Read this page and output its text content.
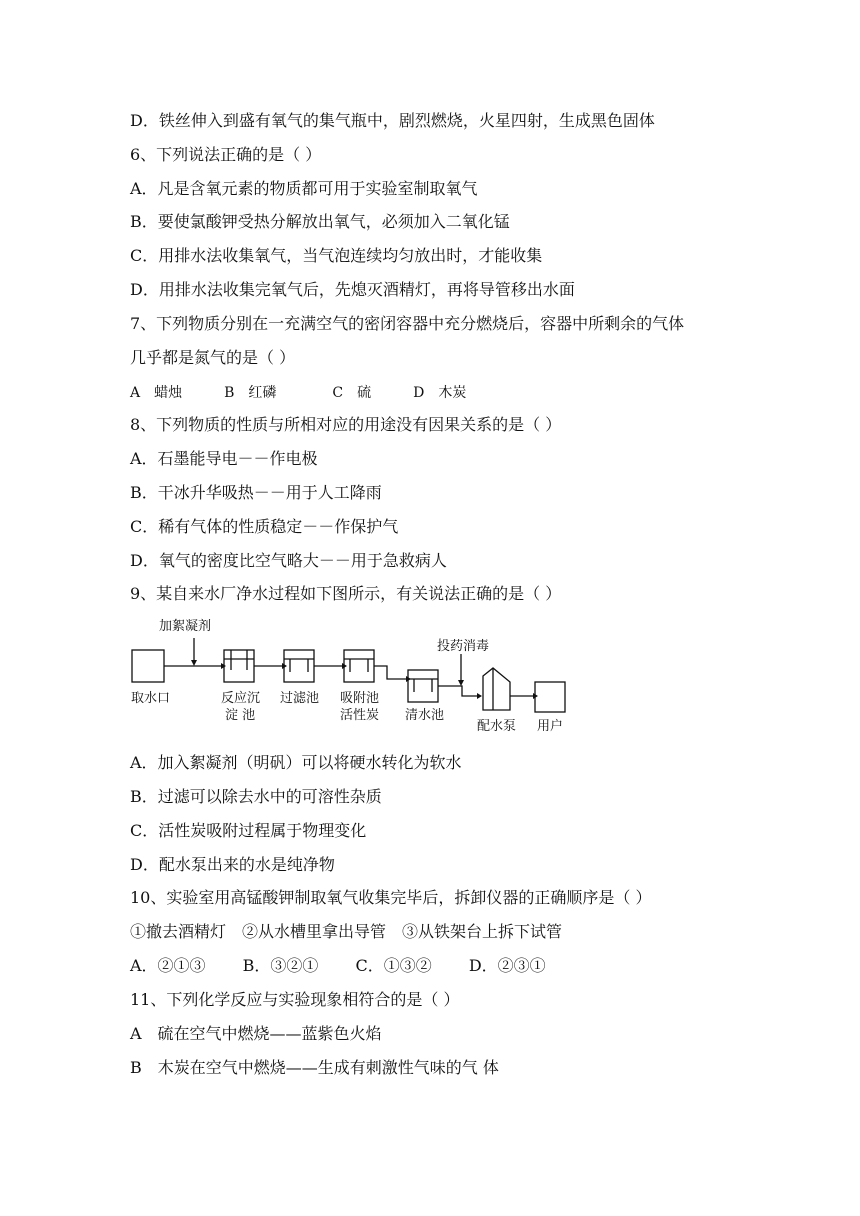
D．铁丝伸入到盛有氧气的集气瓶中，剧烈燃烧，火星四射，生成黑色固体
6、下列说法正确的是（ ）
A．凡是含氧元素的物质都可用于实验室制取氧气
B．要使氯酸钾受热分解放出氧气，必须加入二氧化锰
C．用排水法收集氧气，当气泡连续均匀放出时，才能收集
D．用排水法收集完氧气后，先熄灭酒精灯，再将导管移出水面
7、下列物质分别在一充满空气的密闭容器中充分燃烧后，容器中所剩余的气体
几乎都是氮气的是（ ）
A　蜡烛　　　B　红磷　　　　C　硫　　　D　木炭
8、下列物质的性质与所相对应的用途没有因果关系的是（ ）
A．石墨能导电－－作电极
B．干冰升华吸热－－用于人工降雨
C．稀有气体的性质稳定－－作保护气
D．氧气的密度比空气略大－－用于急救病人
9、某自来水厂净水过程如下图所示，有关说法正确的是（ ）
加絮凝剂
取水口	反应沉
淀 池
过滤池 吸附池
活性炭
投药消毒
清水池
配水泵 用户
A．加入絮凝剂（明矾）可以将硬水转化为软水
B．过滤可以除去水中的可溶性杂质
C．活性炭吸附过程属于物理变化
D．配水泵出来的水是纯净物
10、实验室用高锰酸钾制取氧气收集完毕后，拆卸仪器的正确顺序是（ ）
①撤去酒精灯　②从水槽里拿出导管　③从铁架台上拆下试管
A．②①③　　 B．③②①　　 C．①③②　　 D．②③①
11、下列化学反应与实验现象相符合的是（ ）
A　硫在空气中燃烧——蓝紫色火焰
B　木炭在空气中燃烧——生成有刺激性气味的气 体
